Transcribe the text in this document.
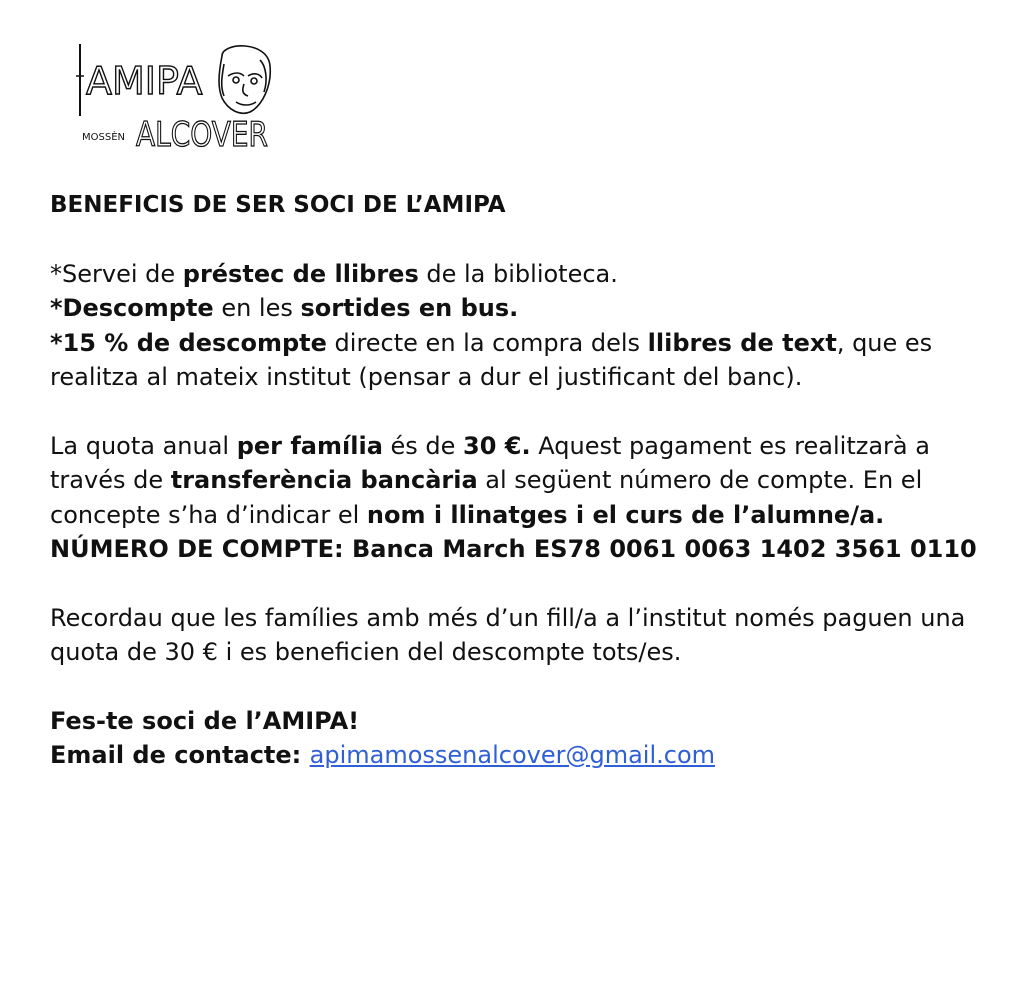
AMIPA
MOSSÈN ALCOVER

BENEFICIS DE SER SOCI DE L’AMIPA

*Servei de préstec de llibres de la biblioteca.

*Descompte en les sortides en bus.

*15 % de descompte directe en la compra dels llibres de text, que es realitza al mateix institut (pensar a dur el justificant del banc).

La quota anual per família és de 30 €. Aquest pagament es realitzarà a través de transferència bancària al següent número de compte. En el concepte s’ha d’indicar el nom i llinatges i el curs de l’alumne/a.

NÚMERO DE COMPTE: Banca March ES78 0061 0063 1402 3561 0110

Recordau que les famílies amb més d’un fill/a a l’institut només paguen una quota de 30 € i es beneficien del descompte tots/es.

Fes-te soci de l’AMIPA!

Email de contacte: apimamossenalcover@gmail.com
